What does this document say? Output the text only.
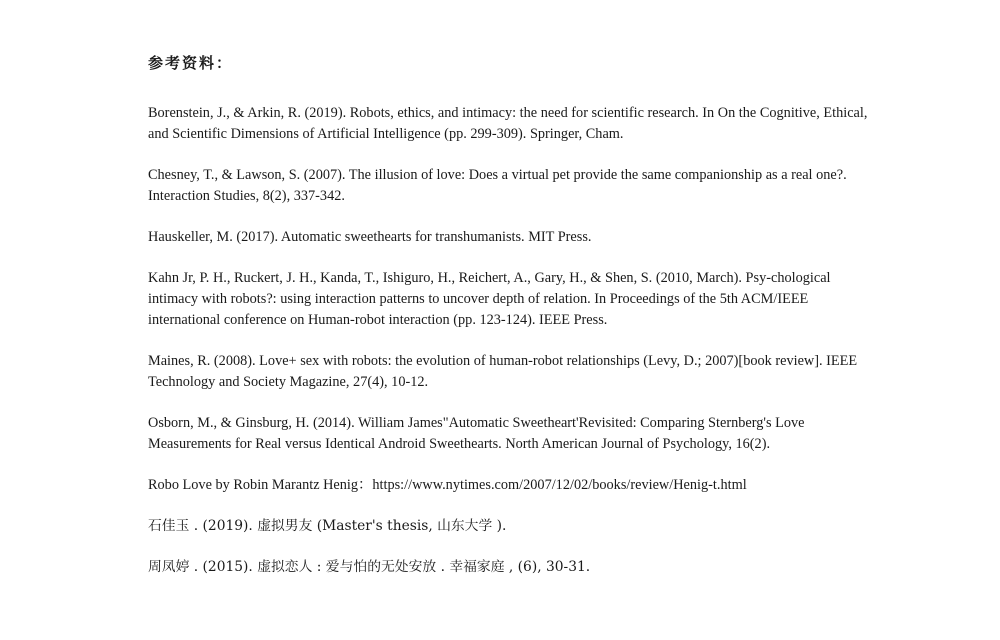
参考资料：

Borenstein, J., & Arkin, R. (2019). Robots, ethics, and intimacy: the need for scientific research. In On the Cognitive, Ethical, and Scientific Dimensions of Artificial Intelligence (pp. 299-309). Springer, Cham.

Chesney, T., & Lawson, S. (2007). The illusion of love: Does a virtual pet provide the same companionship as a real one?. Interaction Studies, 8(2), 337-342.

Hauskeller, M. (2017). Automatic sweethearts for transhumanists. MIT Press.

Kahn Jr, P. H., Ruckert, J. H., Kanda, T., Ishiguro, H., Reichert, A., Gary, H., & Shen, S. (2010, March). Psy-chological intimacy with robots?: using interaction patterns to uncover depth of relation. In Proceedings of the 5th ACM/IEEE international conference on Human-robot interaction (pp. 123-124). IEEE Press.

Maines, R. (2008). Love+ sex with robots: the evolution of human-robot relationships (Levy, D.; 2007)[book review]. IEEE Technology and Society Magazine, 27(4), 10-12.

Osborn, M., & Ginsburg, H. (2014). William James"Automatic Sweetheart'Revisited: Comparing Sternberg's Love Measurements for Real versus Identical Android Sweethearts. North American Journal of Psychology, 16(2).

Robo Love by Robin Marantz Henig：https://www.nytimes.com/2007/12/02/books/review/Henig-t.html

石佳玉 . (2019). 虚拟男友 (Master's thesis, 山东大学 ).

周凤婷 . (2015). 虚拟恋人 : 爱与怕的无处安放 . 幸福家庭 , (6), 30-31.
